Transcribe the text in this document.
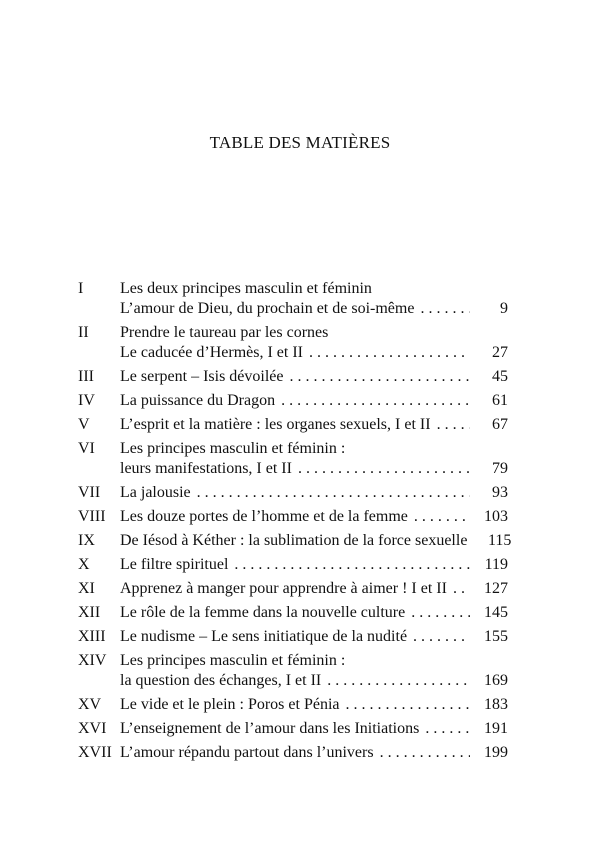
TABLE DES MATIÈRES
I	Les deux principes masculin et féminin
L’amour de Dieu, du prochain et de soi-même . . .	9
II	Prendre le taureau par les cornes
Le caducée d’Hermès, I et II . . .	27
III	Le serpent – Isis dévoilée . . .	45
IV	La puissance du Dragon . . .	61
V	L’esprit et la matière : les organes sexuels, I et II . . .	67
VI	Les principes masculin et féminin :
leurs manifestations, I et II . . .	79
VII	La jalousie . . .	93
VIII Les douze portes de l’homme et de la femme . . .	103
IX	De Iésod à Kéther : la sublimation de la force sexuelle . . . 115
X	Le filtre spirituel . . .	119
XI	Apprenez à manger pour apprendre à aimer ! I et II . . . 127
XII	Le rôle de la femme dans la nouvelle culture . . .	145
XIII Le nudisme – Le sens initiatique de la nudité . . .	155
XIV Les principes masculin et féminin :
la question des échanges, I et II . . .	169
XV	Le vide et le plein : Poros et Pénia . . .	183
XVI L’enseignement de l’amour dans les Initiations . . .	191
XVII L’amour répandu partout dans l’univers . . .	199
